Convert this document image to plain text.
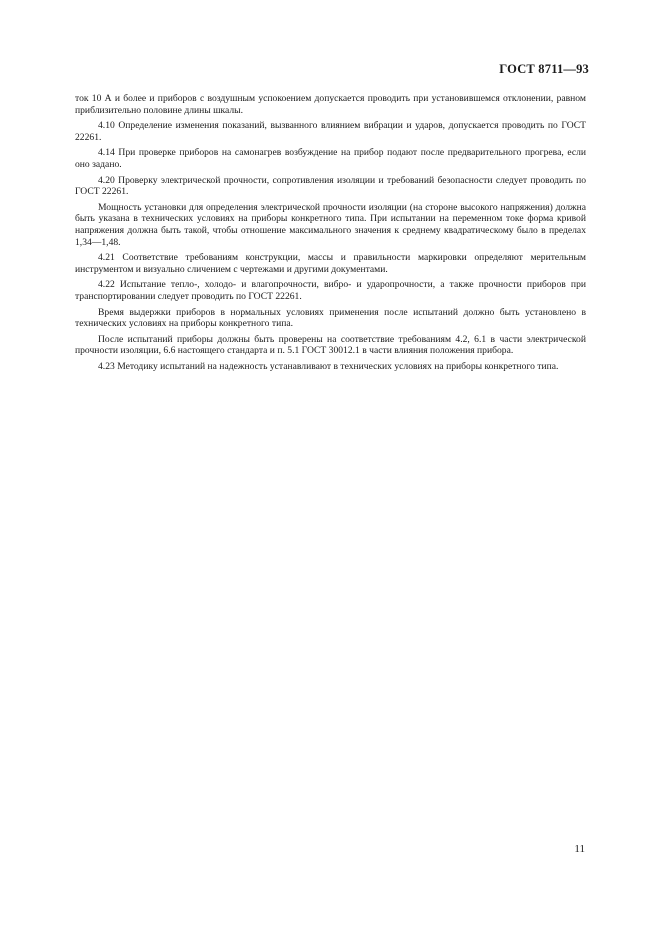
ГОСТ 8711—93

ток 10 А и более и приборов с воздушным успокоением допускается проводить при установившемся отклонении, равном приблизительно половине длины шкалы.

4.10 Определение изменения показаний, вызванного влиянием вибрации и ударов, допускается проводить по ГОСТ 22261.

4.14 При проверке приборов на самонагрев возбуждение на прибор подают после предварительного прогрева, если оно задано.

4.20 Проверку электрической прочности, сопротивления изоляции и требований безопасности следует проводить по ГОСТ 22261.

Мощность установки для определения электрической прочности изоляции (на стороне высокого напряжения) должна быть указана в технических условиях на приборы конкретного типа. При испытании на переменном токе форма кривой напряжения должна быть такой, чтобы отношение максимального значения к среднему квадратическому было в пределах 1,34—1,48.

4.21 Соответствие требованиям конструкции, массы и правильности маркировки определяют мерительным инструментом и визуально сличением с чертежами и другими документами.

4.22 Испытание тепло-, холодо- и влагопрочности, вибро- и ударопрочности, а также прочности приборов при транспортировании следует проводить по ГОСТ 22261.

Время выдержки приборов в нормальных условиях применения после испытаний должно быть установлено в технических условиях на приборы конкретного типа.

После испытаний приборы должны быть проверены на соответствие требованиям 4.2, 6.1 в части электрической прочности изоляции, 6.6 настоящего стандарта и п. 5.1 ГОСТ 30012.1 в части влияния положения прибора.

4.23 Методику испытаний на надежность устанавливают в технических условиях на приборы конкретного типа.

11
